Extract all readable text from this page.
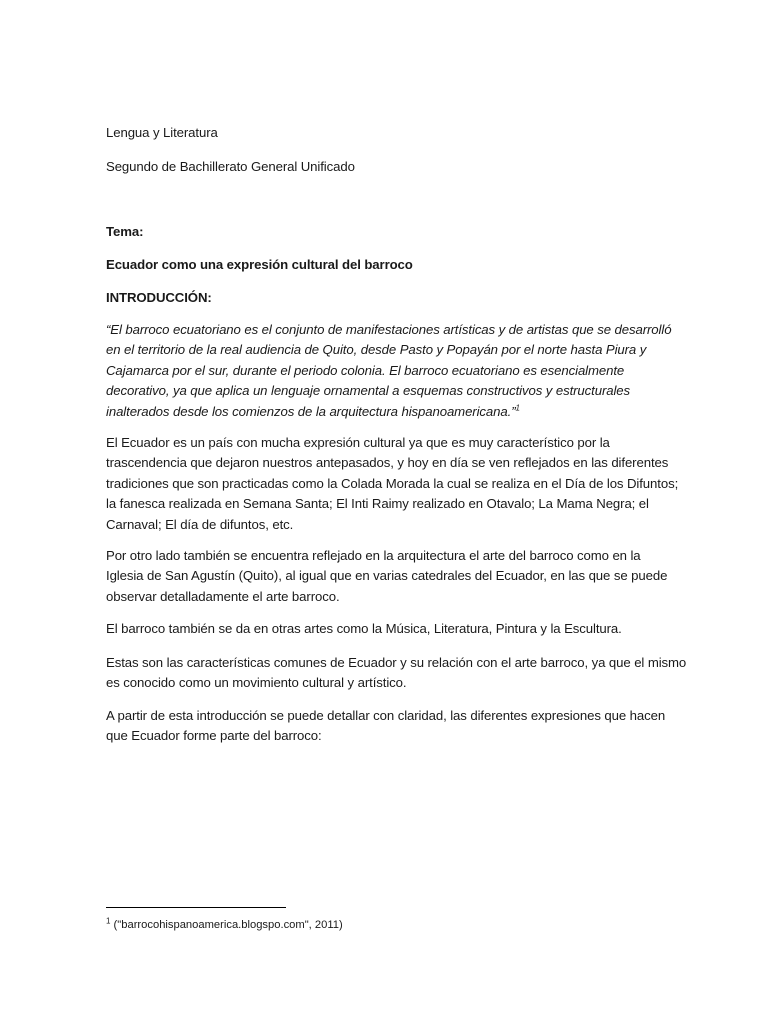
Lengua y Literatura
Segundo de Bachillerato General Unificado
Tema:
Ecuador como una expresión cultural del barroco
INTRODUCCIÓN:
“El barroco ecuatoriano es el conjunto de manifestaciones artísticas y de artistas que se desarrolló
en el territorio de la real audiencia de Quito, desde Pasto y Popayán por el norte hasta Piura y
Cajamarca por el sur, durante el periodo colonia. El barroco ecuatoriano es esencialmente
decorativo, ya que aplica un lenguaje ornamental a esquemas constructivos y estructurales
inalterados desde los comienzos de la arquitectura hispanoamericana.”$^1$
El Ecuador es un país con mucha expresión cultural ya que es muy característico por la
trascendencia que dejaron nuestros antepasados, y hoy en día se ven reflejados en las diferentes
tradiciones que son practicadas como la Colada Morada la cual se realiza en el Día de los Difuntos;
la fanesca realizada en Semana Santa; El Inti Raimy realizado en Otavalo; La Mama Negra; el
Carnaval; El día de difuntos, etc.
Por otro lado también se encuentra reflejado en la arquitectura el arte del barroco como en la
Iglesia de San Agustín (Quito), al igual que en varias catedrales del Ecuador, en las que se puede
observar detalladamente el arte barroco.
El barroco también se da en otras artes como la Música, Literatura, Pintura y la Escultura.
Estas son las características comunes de Ecuador y su relación con el arte barroco, ya que el mismo
es conocido como un movimiento cultural y artístico.
A partir de esta introducción se puede detallar con claridad, las diferentes expresiones que hacen
que Ecuador forme parte del barroco:
$^1$ ("barrocohispanoamerica.blogspo.com", 2011)
